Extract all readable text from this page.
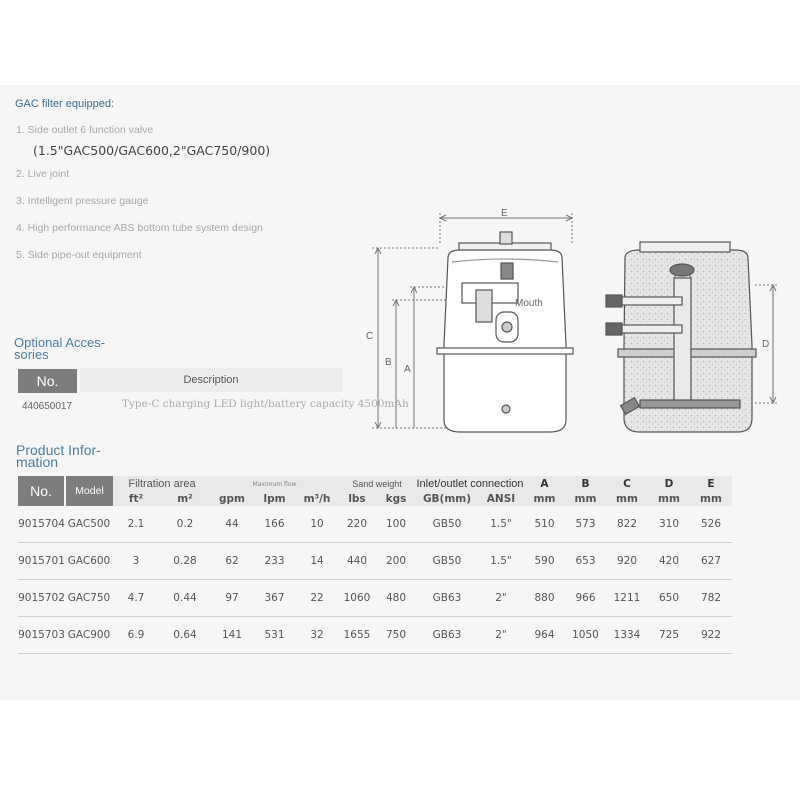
GAC filter equipped:
1. Side outlet 6 function valve
(1.5"GAC500/GAC600,2"GAC750/900)
2. Live joint
3. Intelligent pressure gauge
4. High performance ABS bottom tube system design
5. Side pipe-out equipment
E
C
B
A
D
Mouth
Optional Acces-
sories
No.	Description
440650017	Type-C charging LED light/battery capacity 4500mAh
Product Infor-
mation
No.	Model	Filtration area		Maximum flow			Sand weight		Inlet/outlet connection		A	B	C	D	E
		ft²	m²	gpm	lpm	m³/h	lbs	kgs	GB(mm)	ANSI	mm	mm	mm	mm	mm
9015704	GAC500	2.1	0.2	44	166	10	220	100	GB50	1.5"	510	573	822	310	526
9015701	GAC600	3	0.28	62	233	14	440	200	GB50	1.5"	590	653	920	420	627
9015702	GAC750	4.7	0.44	97	367	22	1060	480	GB63	2"	880	966	1211	650	782
9015703	GAC900	6.9	0.64	141	531	32	1655	750	GB63	2"	964	1050	1334	725	922
